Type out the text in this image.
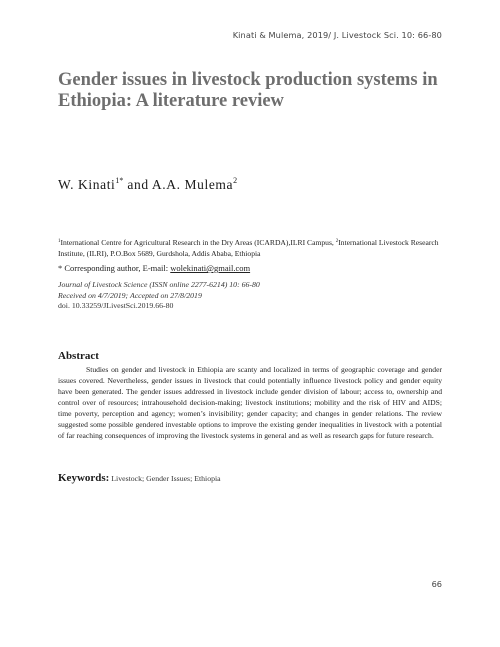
Kinati & Mulema, 2019/ J. Livestock Sci. 10: 66-80
Gender issues in livestock production systems in Ethiopia: A literature review
W. Kinati$^{1*}$ and A.A. Mulema$^2$
$^1$International Centre for Agricultural Research in the Dry Areas (ICARDA),ILRI Campus, $^2$International Livestock Research Institute, (ILRI), P.O.Box 5689, Gurdshola, Addis Ababa, Ethiopia
* Corresponding author, E-mail: wolekinati@gmail.com
Journal of Livestock Science (ISSN online 2277-6214) 10: 66-80
Received on 4/7/2019; Accepted on 27/8/2019
doi. 10.33259/JLivestSci.2019.66-80
Abstract

Studies on gender and livestock in Ethiopia are scanty and localized in terms of geographic coverage and gender issues covered. Nevertheless, gender issues in livestock that could potentially influence livestock policy and gender equity have been generated. The gender issues addressed in livestock include gender division of labour; access to, ownership and control over of resources; intrahousehold decision-making; livestock institutions; mobility and the risk of HIV and AIDS; time poverty, perception and agency; women’s invisibility; gender capacity; and changes in gender relations. The review suggested some possible gendered investable options to improve the existing gender inequalities in livestock with a potential of far reaching consequences of improving the livestock systems in general and as well as research gaps for future research.

Keywords: Livestock; Gender Issues; Ethiopia
66
